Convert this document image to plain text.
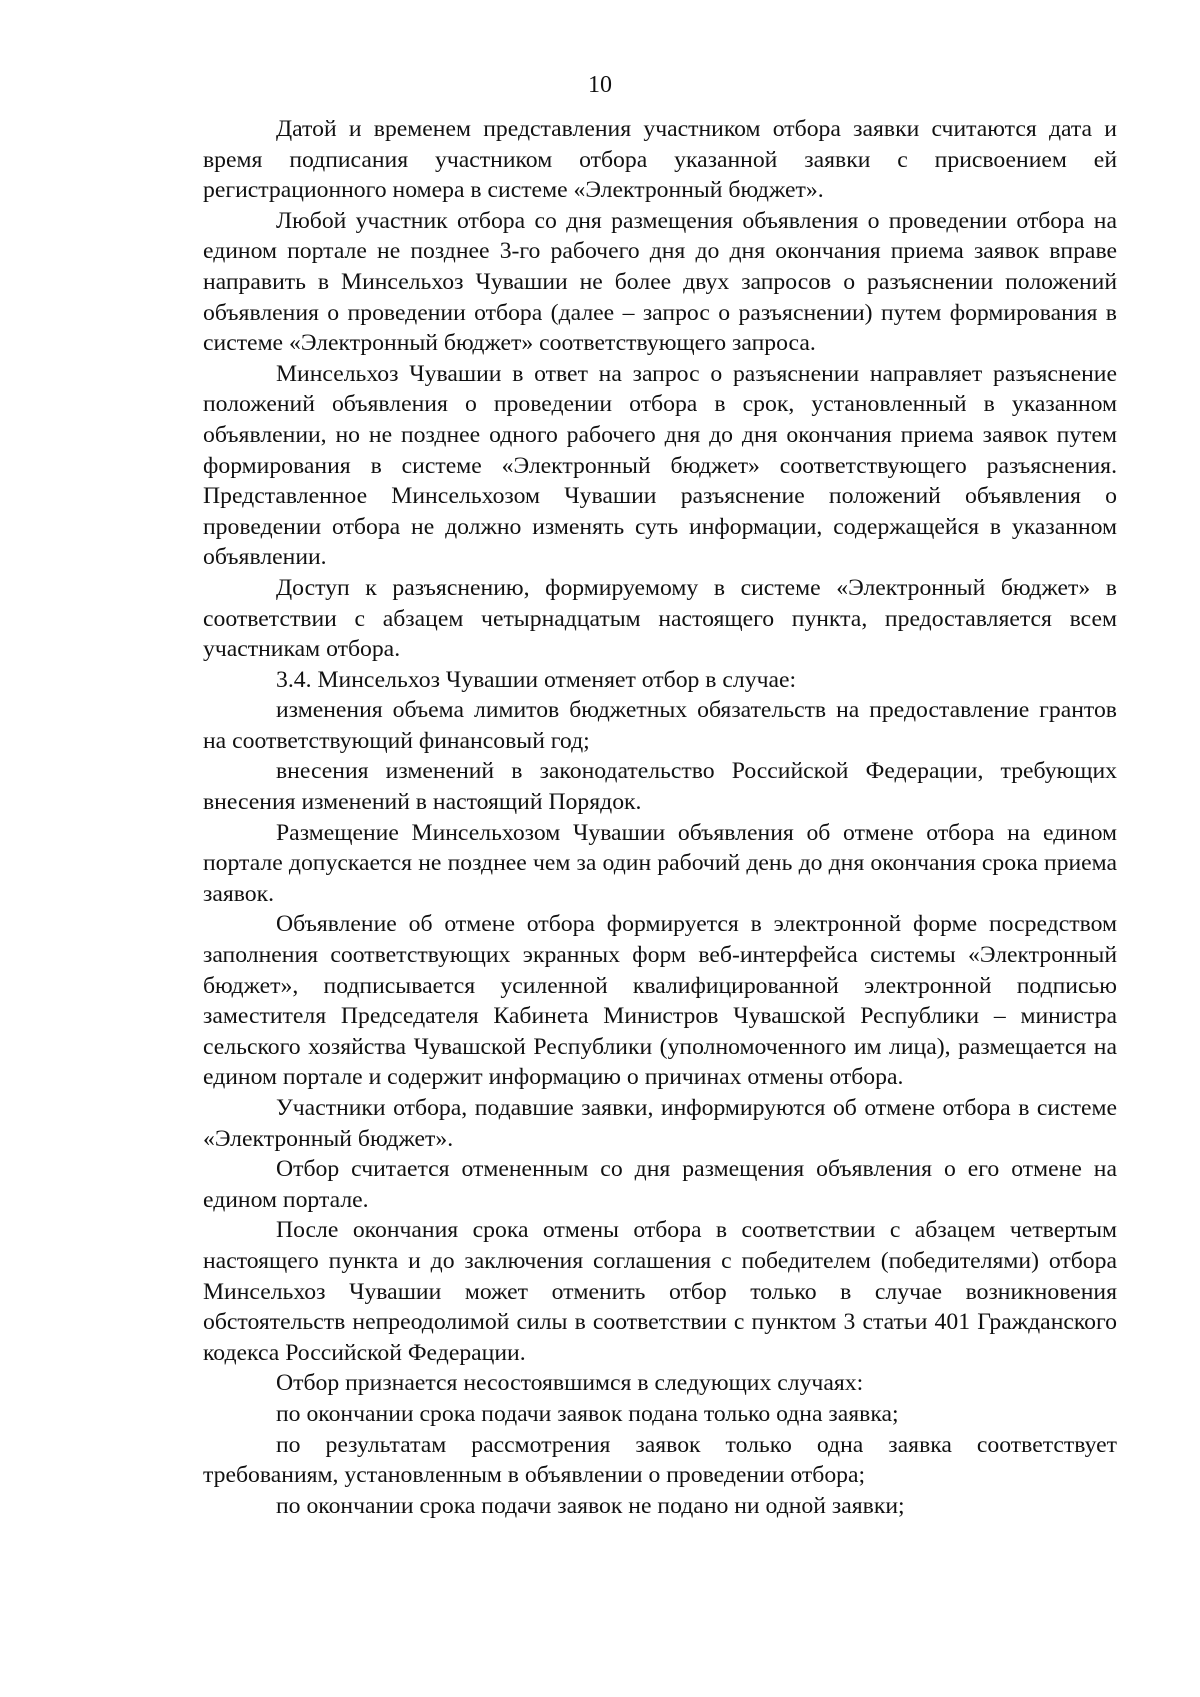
10

Датой и временем представления участником отбора заявки считаются дата и время подписания участником отбора указанной заявки с присвоением ей регистрационного номера в системе «Электронный бюджет».

Любой участник отбора со дня размещения объявления о проведении отбора на едином портале не позднее 3-го рабочего дня до дня окончания приема заявок вправе направить в Минсельхоз Чувашии не более двух запросов о разъяснении положений объявления о проведении отбора (далее – запрос о разъяснении) путем формирования в системе «Электронный бюджет» соответствующего запроса.

Минсельхоз Чувашии в ответ на запрос о разъяснении направляет разъяснение положений объявления о проведении отбора в срок, установленный в указанном объявлении, но не позднее одного рабочего дня до дня окончания приема заявок путем формирования в системе «Электронный бюджет» соответствующего разъяснения. Представленное Минсельхозом Чувашии разъяснение положений объявления о проведении отбора не должно изменять суть информации, содержащейся в указанном объявлении.

Доступ к разъяснению, формируемому в системе «Электронный бюджет» в соответствии с абзацем четырнадцатым настоящего пункта, предоставляется всем участникам отбора.

3.4. Минсельхоз Чувашии отменяет отбор в случае:

изменения объема лимитов бюджетных обязательств на предоставление грантов на соответствующий финансовый год;

внесения изменений в законодательство Российской Федерации, требующих внесения изменений в настоящий Порядок.

Размещение Минсельхозом Чувашии объявления об отмене отбора на едином портале допускается не позднее чем за один рабочий день до дня окончания срока приема заявок.

Объявление об отмене отбора формируется в электронной форме посредством заполнения соответствующих экранных форм веб-интерфейса системы «Электронный бюджет», подписывается усиленной квалифицированной электронной подписью заместителя Председателя Кабинета Министров Чувашской Республики – министра сельского хозяйства Чувашской Республики (уполномоченного им лица), размещается на едином портале и содержит информацию о причинах отмены отбора.

Участники отбора, подавшие заявки, информируются об отмене отбора в системе «Электронный бюджет».

Отбор считается отмененным со дня размещения объявления о его отмене на едином портале.

После окончания срока отмены отбора в соответствии с абзацем четвертым настоящего пункта и до заключения соглашения с победителем (победителями) отбора Минсельхоз Чувашии может отменить отбор только в случае возникновения обстоятельств непреодолимой силы в соответствии с пунктом 3 статьи 401 Гражданского кодекса Российской Федерации.

Отбор признается несостоявшимся в следующих случаях:

по окончании срока подачи заявок подана только одна заявка;

по результатам рассмотрения заявок только одна заявка соответствует требованиям, установленным в объявлении о проведении отбора;

по окончании срока подачи заявок не подано ни одной заявки;
